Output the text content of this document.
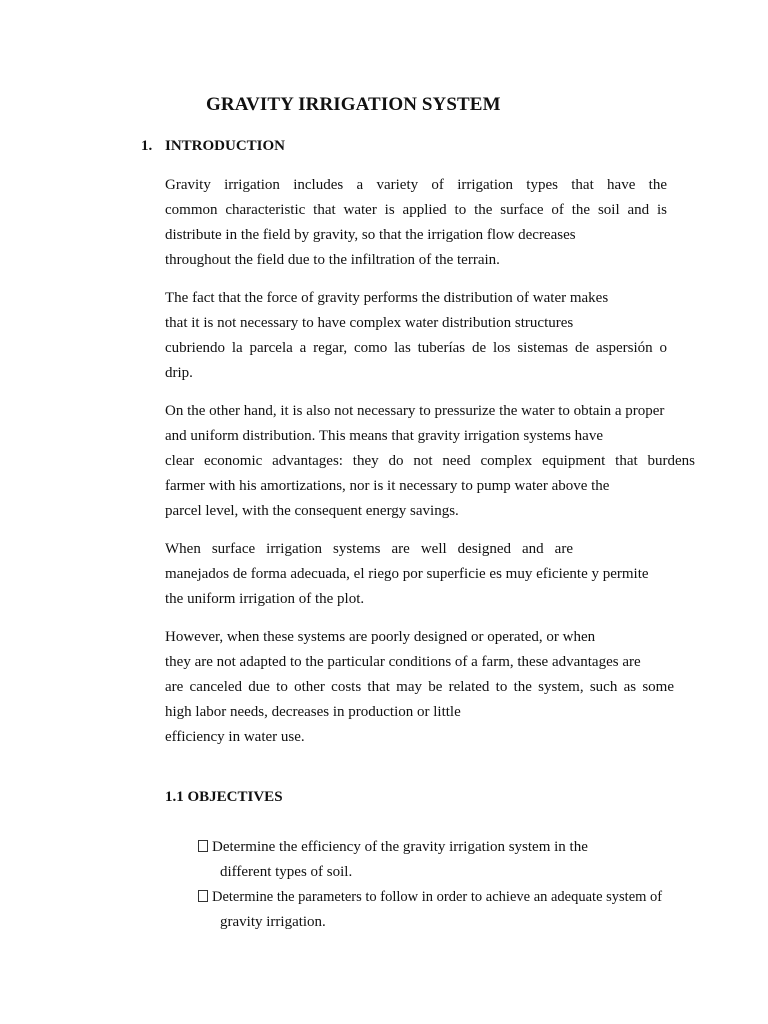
GRAVITY IRRIGATION SYSTEM
1. INTRODUCTION
Gravity irrigation includes a variety of irrigation types that have the
common characteristic that water is applied to the surface of the soil and is
distribute in the field by gravity, so that the irrigation flow decreases
throughout the field due to the infiltration of the terrain.
The fact that the force of gravity performs the distribution of water makes
that it is not necessary to have complex water distribution structures
cubriendo la parcela a regar, como las tuberías de los sistemas de aspersión o
drip.
On the other hand, it is also not necessary to pressurize the water to obtain a proper
and uniform distribution. This means that gravity irrigation systems have
clear economic advantages: they do not need complex equipment that burdens
farmer with his amortizations, nor is it necessary to pump water above the
parcel level, with the consequent energy savings.
When surface irrigation systems are well designed and are
manejados de forma adecuada, el riego por superficie es muy eficiente y permite
the uniform irrigation of the plot.
However, when these systems are poorly designed or operated, or when
they are not adapted to the particular conditions of a farm, these advantages are
are canceled due to other costs that may be related to the system, such as some
high labor needs, decreases in production or little
efficiency in water use.
1.1 OBJECTIVES
Determine the efficiency of the gravity irrigation system in the
different types of soil.
Determine the parameters to follow in order to achieve an adequate system of
gravity irrigation.
